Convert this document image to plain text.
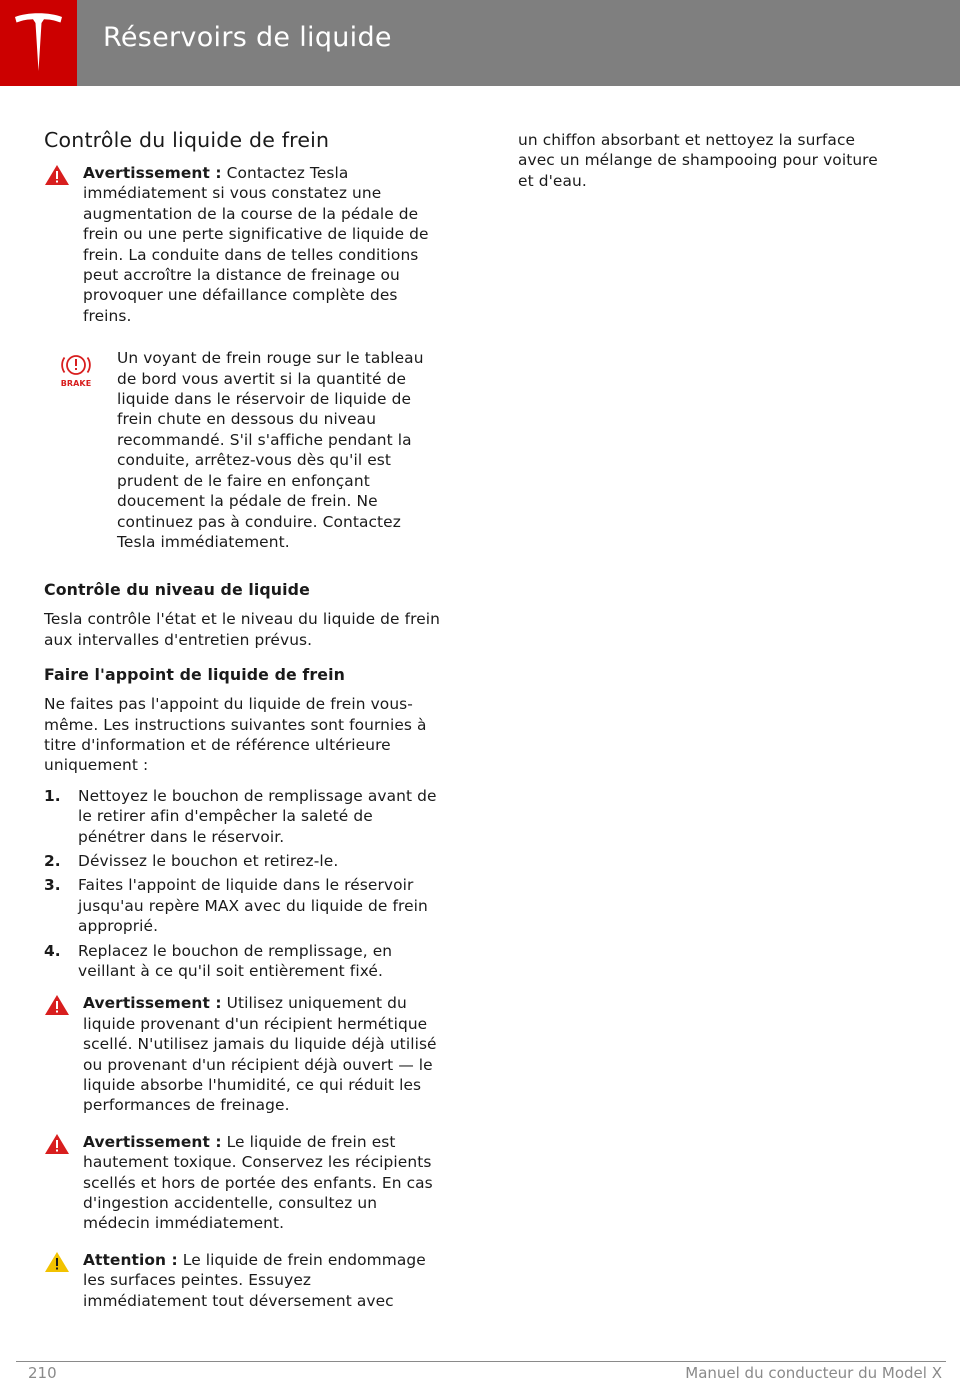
Réservoirs de liquide
Contrôle du liquide de frein
Avertissement : Contactez Tesla immédiatement si vous constatez une augmentation de la course de la pédale de frein ou une perte significative de liquide de frein. La conduite dans de telles conditions peut accroître la distance de freinage ou provoquer une défaillance complète des freins.
BRAKE
Un voyant de frein rouge sur le tableau de bord vous avertit si la quantité de liquide dans le réservoir de liquide de frein chute en dessous du niveau recommandé. S'il s'affiche pendant la conduite, arrêtez-vous dès qu'il est prudent de le faire en enfonçant doucement la pédale de frein. Ne continuez pas à conduire. Contactez Tesla immédiatement.
Contrôle du niveau de liquide
Tesla contrôle l'état et le niveau du liquide de frein aux intervalles d'entretien prévus.
Faire l'appoint de liquide de frein
Ne faites pas l'appoint du liquide de frein vous-même. Les instructions suivantes sont fournies à titre d'information et de référence ultérieure uniquement :
1. Nettoyez le bouchon de remplissage avant de le retirer afin d'empêcher la saleté de pénétrer dans le réservoir.
2. Dévissez le bouchon et retirez-le.
3. Faites l'appoint de liquide dans le réservoir jusqu'au repère MAX avec du liquide de frein approprié.
4. Replacez le bouchon de remplissage, en veillant à ce qu'il soit entièrement fixé.
Avertissement : Utilisez uniquement du liquide provenant d'un récipient hermétique scellé. N'utilisez jamais du liquide déjà utilisé ou provenant d'un récipient déjà ouvert — le liquide absorbe l'humidité, ce qui réduit les performances de freinage.
Avertissement : Le liquide de frein est hautement toxique. Conservez les récipients scellés et hors de portée des enfants. En cas d'ingestion accidentelle, consultez un médecin immédiatement.
Attention : Le liquide de frein endommage les surfaces peintes. Essuyez immédiatement tout déversement avec
un chiffon absorbant et nettoyez la surface avec un mélange de shampooing pour voiture et d'eau.
210	Manuel du conducteur du Model X
